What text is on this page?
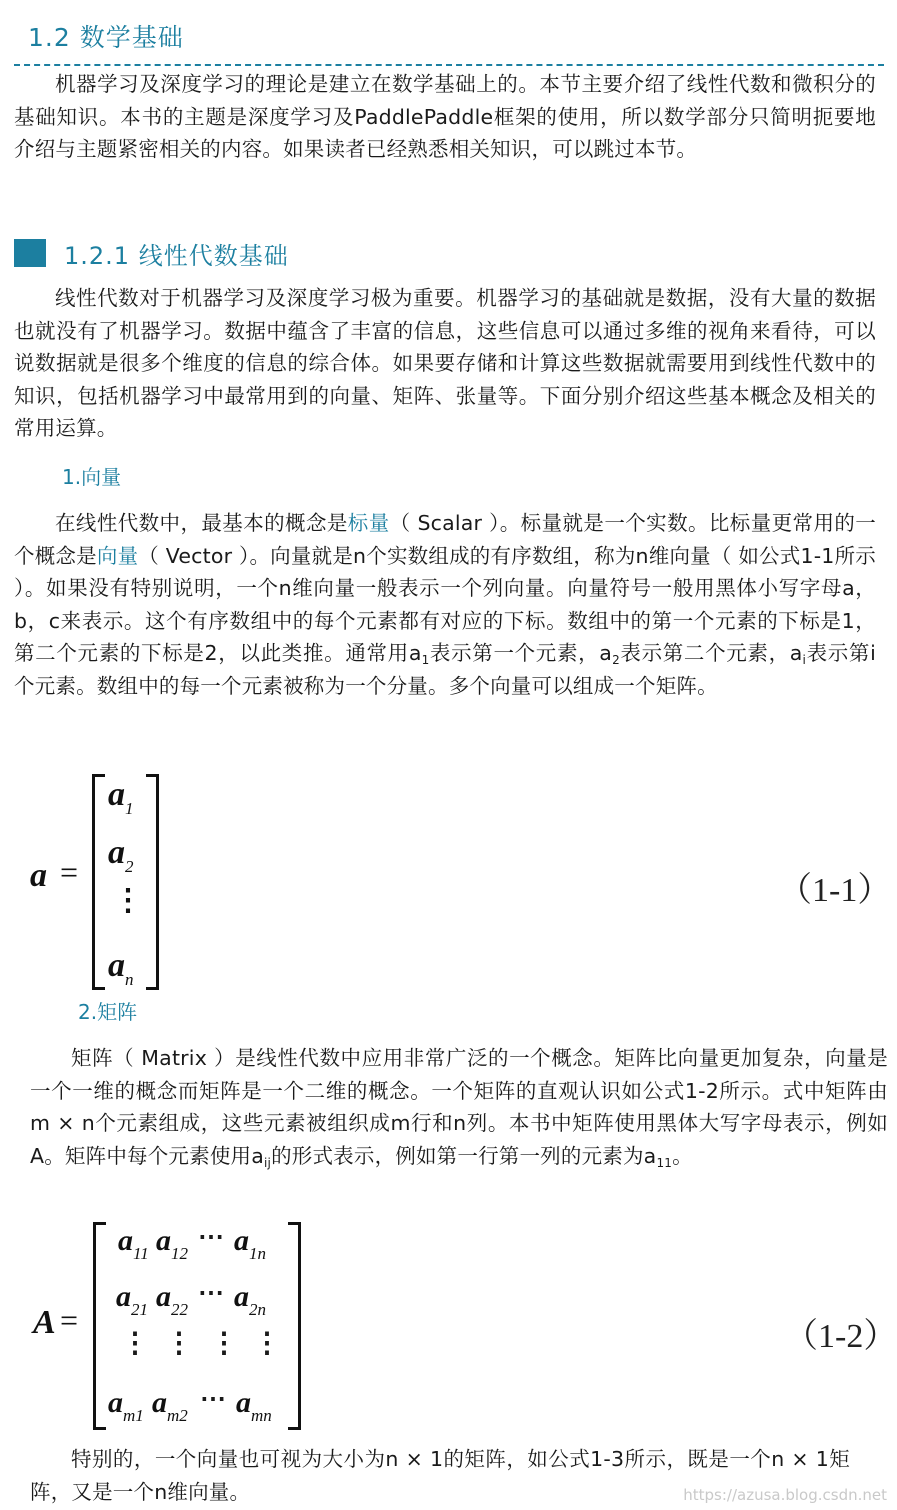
1.2 数学基础
机器学习及深度学习的理论是建立在数学基础上的。本节主要介绍了线性代数和微积分的基础知识。本书的主题是深度学习及PaddlePaddle框架的使用，所以数学部分只简明扼要地介绍与主题紧密相关的内容。如果读者已经熟悉相关知识，可以跳过本节。
1.2.1 线性代数基础
线性代数对于机器学习及深度学习极为重要。机器学习的基础就是数据，没有大量的数据也就没有了机器学习。数据中蕴含了丰富的信息，这些信息可以通过多维的视角来看待，可以说数据就是很多个维度的信息的综合体。如果要存储和计算这些数据就需要用到线性代数中的知识，包括机器学习中最常用到的向量、矩阵、张量等。下面分别介绍这些基本概念及相关的常用运算。
1.向量
在线性代数中，最基本的概念是标量（ Scalar ）。标量就是一个实数。比标量更常用的一个概念是向量（ Vector ）。向量就是n个实数组成的有序数组，称为n维向量（ 如公式1-1所示 ）。如果没有特别说明，一个n维向量一般表示一个列向量。向量符号一般用黑体小写字母a，b，c来表示。这个有序数组中的每个元素都有对应的下标。数组中的第一个元素的下标是1，第二个元素的下标是2，以此类推。通常用$a_1$表示第一个元素，$a_2$表示第二个元素，$a_i$表示第i个元素。数组中的每一个元素被称为一个分量。多个向量可以组成一个矩阵。
a =
$a_1$
$a_2$
⋮
$a_n$
（1-1）
2.矩阵
矩阵（ Matrix ）是线性代数中应用非常广泛的一个概念。矩阵比向量更加复杂，向量是一个一维的概念而矩阵是一个二维的概念。一个矩阵的直观认识如公式1-2所示。式中矩阵由m × n个元素组成，这些元素被组织成m行和n列。本书中矩阵使用黑体大写字母表示，例如A。矩阵中每个元素使用$a_{ij}$的形式表示，例如第一行第一列的元素为$a_{11}$。
A =
$a_{11}$ $a_{12}$
⋯ $a_{1n}$
$a_{21}$ $a_{22}$
⋯ $a_{2n}$
⋮ ⋮ ⋮ ⋮
$a_{m1}$ $a_{m2}$
⋯ $a_{mn}$
（1-2）
特别的，一个向量也可视为大小为n × 1的矩阵，如公式1-3所示，既是一个n × 1矩阵，又是一个n维向量。	https://azusa.blog.csdn.net
